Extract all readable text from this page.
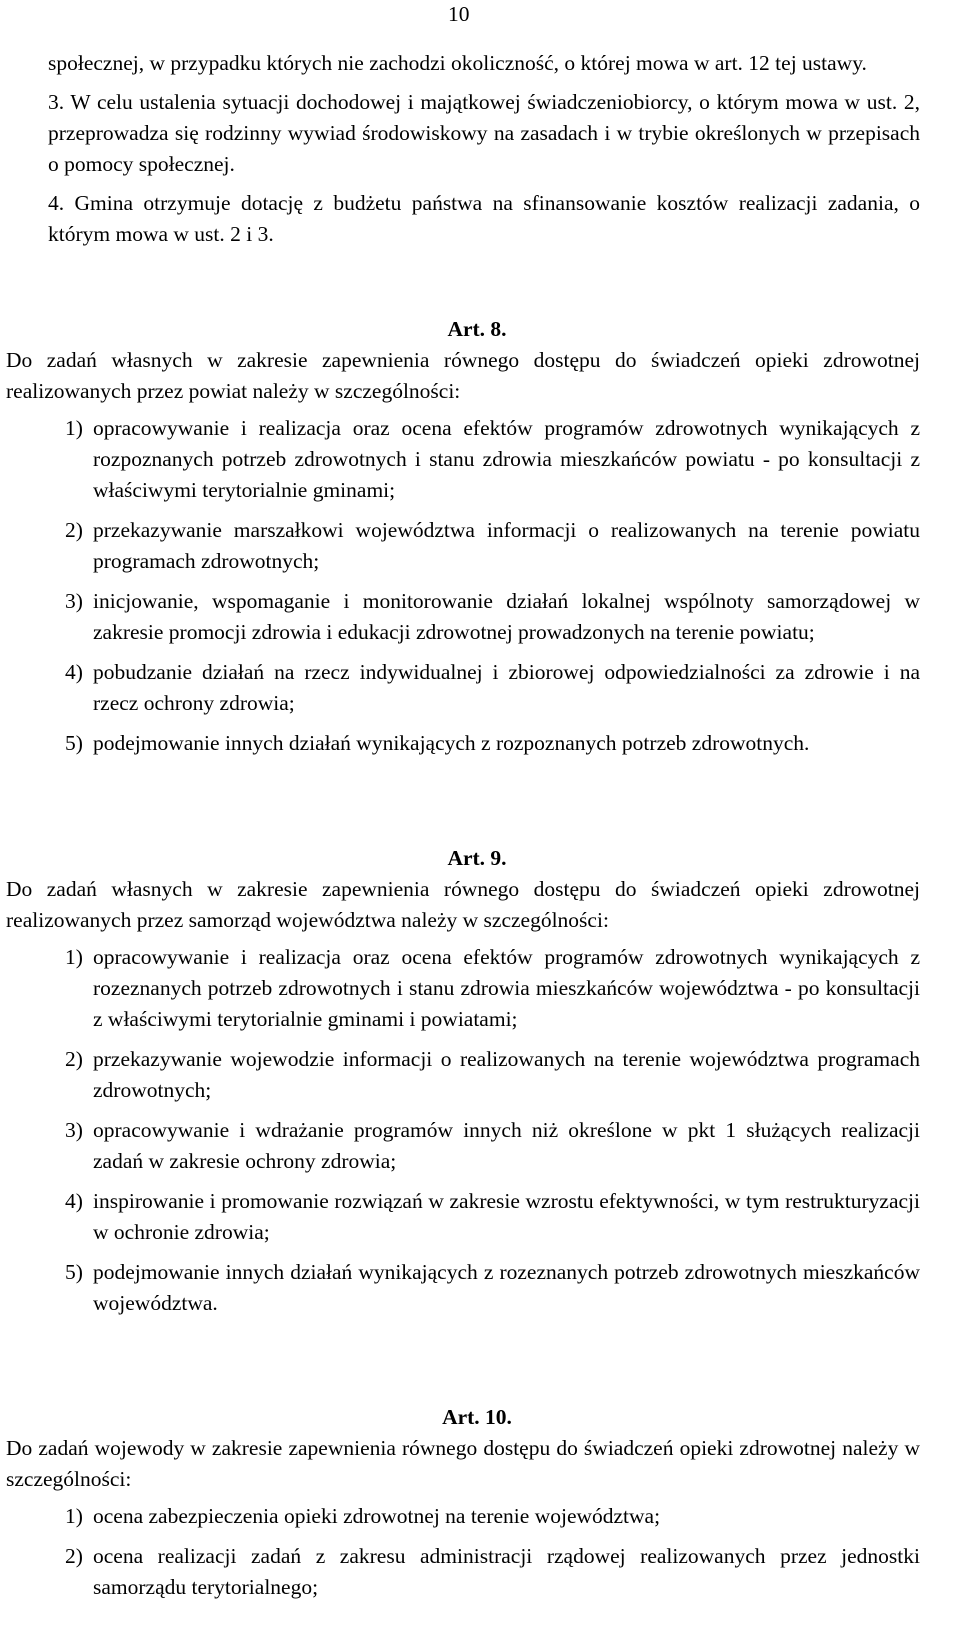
10

społecznej, w przypadku których nie zachodzi okoliczność, o której mowa w art. 12 tej ustawy.

3. W celu ustalenia sytuacji dochodowej i majątkowej świadczeniobiorcy, o którym mowa w ust. 2, przeprowadza się rodzinny wywiad środowiskowy na zasadach i w trybie określonych w przepisach o pomocy społecznej.

4. Gmina otrzymuje dotację z budżetu państwa na sfinansowanie kosztów realizacji zadania, o którym mowa w ust. 2 i 3.

Art. 8.

Do zadań własnych w zakresie zapewnienia równego dostępu do świadczeń opieki zdrowotnej realizowanych przez powiat należy w szczególności:

1) opracowywanie i realizacja oraz ocena efektów programów zdrowotnych wynikających z rozpoznanych potrzeb zdrowotnych i stanu zdrowia mieszkańców powiatu - po konsultacji z właściwymi terytorialnie gminami;
2) przekazywanie marszałkowi województwa informacji o realizowanych na terenie powiatu programach zdrowotnych;
3) inicjowanie, wspomaganie i monitorowanie działań lokalnej wspólnoty samorządowej w zakresie promocji zdrowia i edukacji zdrowotnej prowadzonych na terenie powiatu;
4) pobudzanie działań na rzecz indywidualnej i zbiorowej odpowiedzialności za zdrowie i na rzecz ochrony zdrowia;
5) podejmowanie innych działań wynikających z rozpoznanych potrzeb zdrowotnych.
Art. 9.

Do zadań własnych w zakresie zapewnienia równego dostępu do świadczeń opieki zdrowotnej realizowanych przez samorząd województwa należy w szczególności:

1) opracowywanie i realizacja oraz ocena efektów programów zdrowotnych wynikających z rozeznanych potrzeb zdrowotnych i stanu zdrowia mieszkańców województwa - po konsultacji z właściwymi terytorialnie gminami i powiatami;
2) przekazywanie wojewodzie informacji o realizowanych na terenie województwa programach zdrowotnych;
3) opracowywanie i wdrażanie programów innych niż określone w pkt 1 służących realizacji zadań w zakresie ochrony zdrowia;
4) inspirowanie i promowanie rozwiązań w zakresie wzrostu efektywności, w tym restrukturyzacji w ochronie zdrowia;
5) podejmowanie innych działań wynikających z rozeznanych potrzeb zdrowotnych mieszkańców województwa.
Art. 10.

Do zadań wojewody w zakresie zapewnienia równego dostępu do świadczeń opieki zdrowotnej należy w szczególności:

1) ocena zabezpieczenia opieki zdrowotnej na terenie województwa;
2) ocena realizacji zadań z zakresu administracji rządowej realizowanych przez jednostki samorządu terytorialnego;
